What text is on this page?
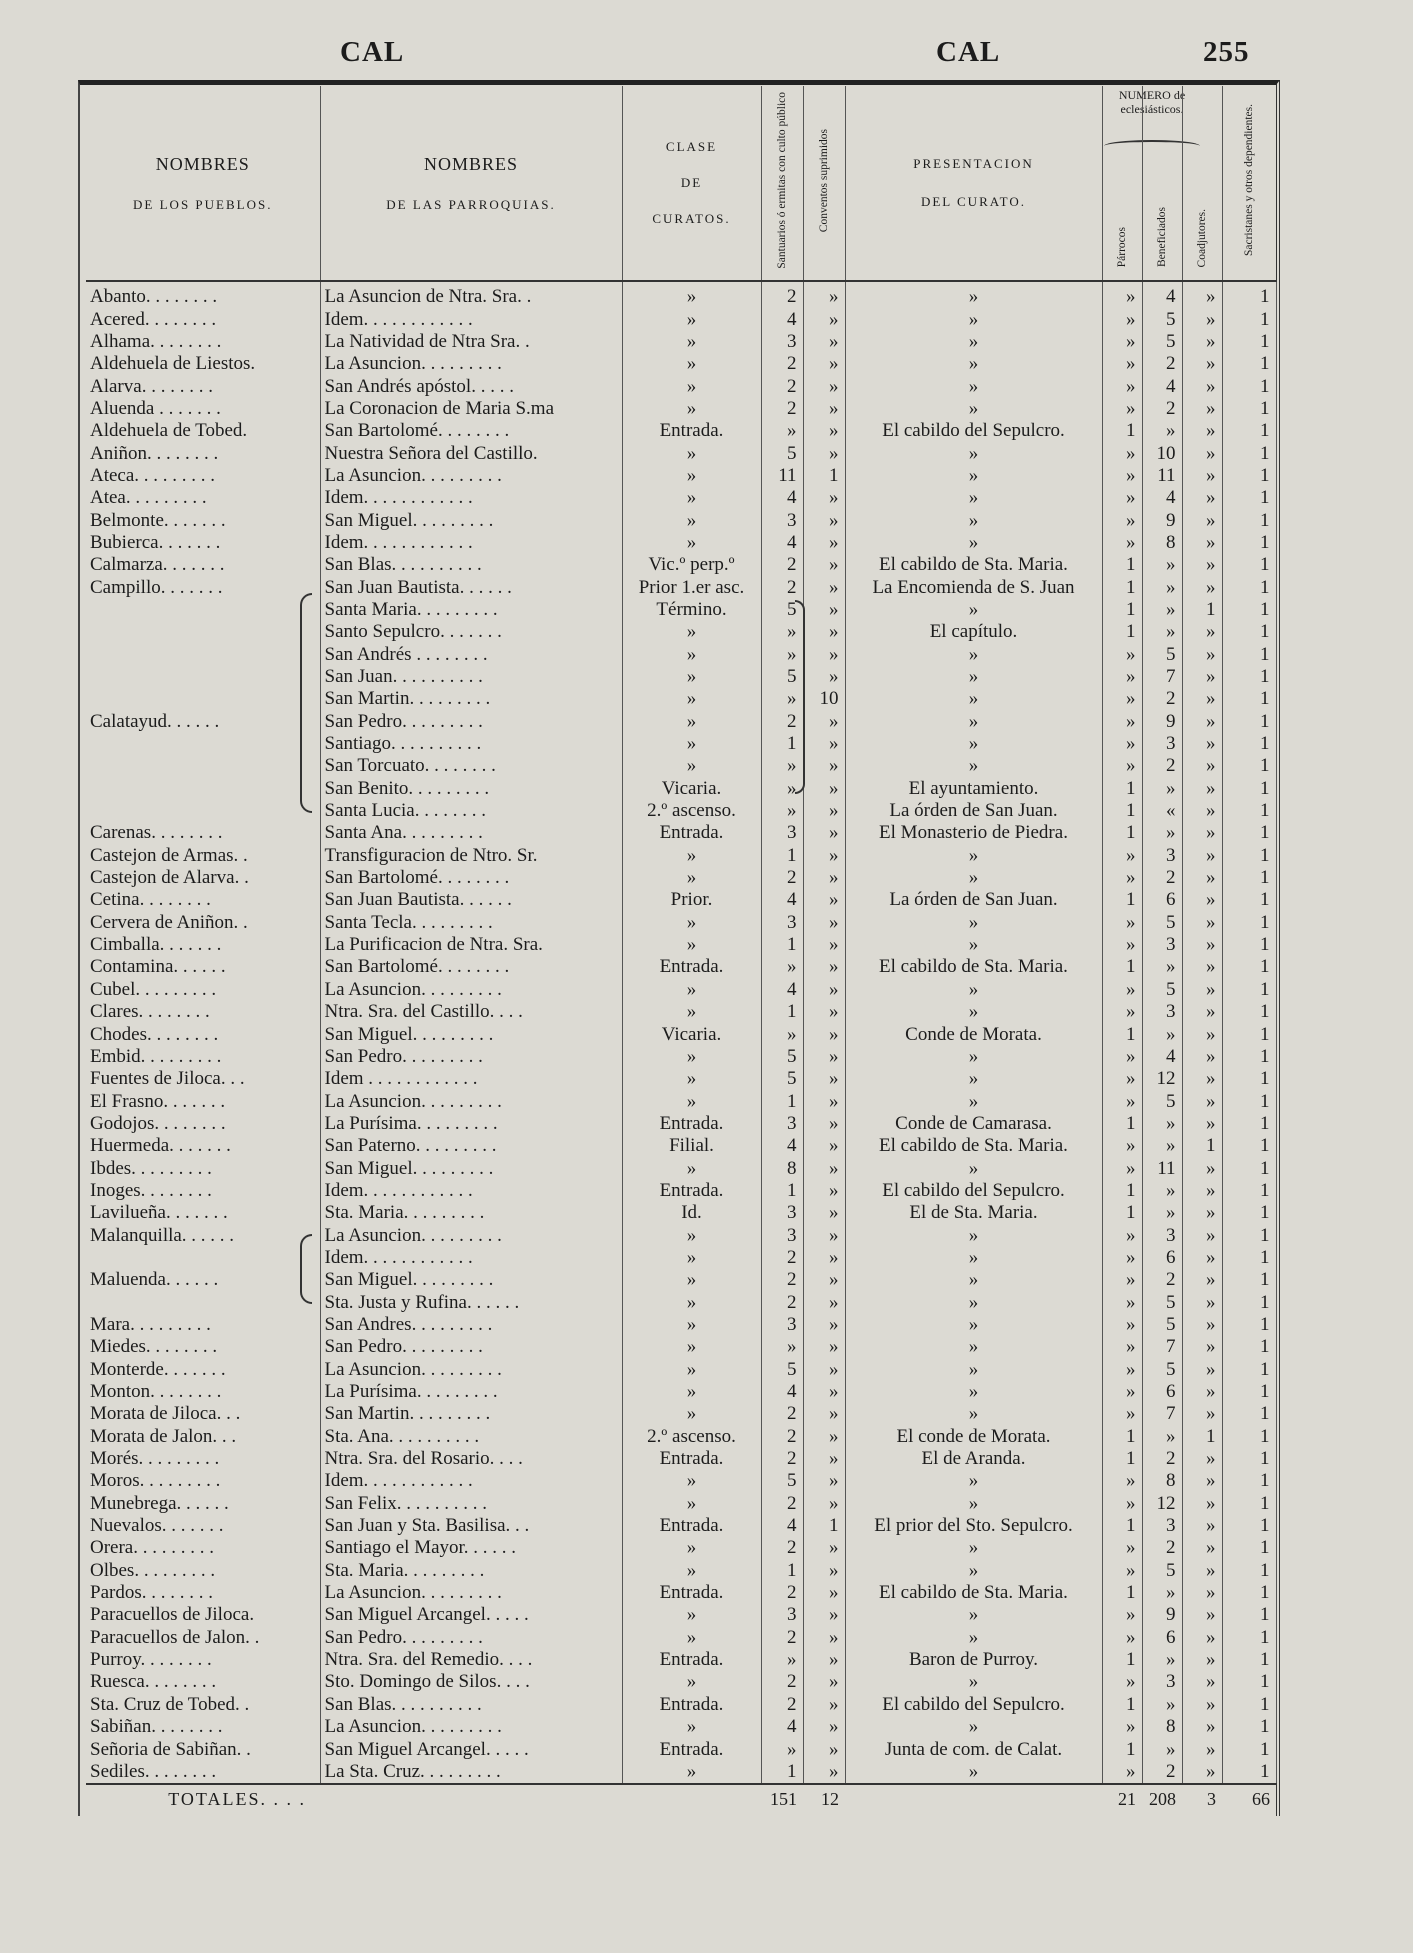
CAL	CAL	255
NUMERO de eclesiásticos.
NOMBRES
DE LOS PUEBLOS.	NOMBRES
DE LAS PARROQUIAS.	CLASE
DE
CURATOS.	Santuarios ó ermitas con culto público	Conventos suprimidos	PRESENTACION
DEL CURATO.	Párrocos	Beneficiados	Coadjutores.	Sacristanes y otros dependientes.
Abanto. . . . . . . .	La Asuncion de Ntra. Sra. .	»	2	»	»	»	4	»	1
Acered. . . . . . . .	Idem. . . . . . . . . . . .	»	4	»	»	»	5	»	1
Alhama. . . . . . . .	La Natividad de Ntra Sra. .	»	3	»	»	»	5	»	1
Aldehuela de Liestos.	La Asuncion. . . . . . . . .	»	2	»	»	»	2	»	1
Alarva. . . . . . . .	San Andrés apóstol. . . . .	»	2	»	»	»	4	»	1
Aluenda . . . . . . .	La Coronacion de Maria S.ma	»	2	»	»	»	2	»	1
Aldehuela de Tobed.	San Bartolomé. . . . . . . .	Entrada.	»	»	El cabildo del Sepulcro.	1	»	»	1
Aniñon. . . . . . . .	Nuestra Señora del Castillo.	»	5	»	»	»	10	»	1
Ateca. . . . . . . . .	La Asuncion. . . . . . . . .	»	11	1	»	»	11	»	1
Atea. . . . . . . . .	Idem. . . . . . . . . . . .	»	4	»	»	»	4	»	1
Belmonte. . . . . . .	San Miguel. . . . . . . . .	»	3	»	»	»	9	»	1
Bubierca. . . . . . .	Idem. . . . . . . . . . . .	»	4	»	»	»	8	»	1
Calmarza. . . . . . .	San Blas. . . . . . . . . .	Vic.º perp.º	2	»	El cabildo de Sta. Maria.	1	»	»	1
Campillo. . . . . . .	San Juan Bautista. . . . . .	Prior 1.er asc.	2	»	La Encomienda de S. Juan	1	»	»	1
	Santa Maria. . . . . . . . .	Término.	5	»	»	1	»	1	1
	Santo Sepulcro. . . . . . .	»	»	»	El capítulo.	1	»	»	1
	San Andrés . . . . . . . .	»	»	»	»	»	5	»	1
	San Juan. . . . . . . . . .	»	5	»	»	»	7	»	1
	San Martin. . . . . . . . .	»	»	10	»	»	2	»	1
Calatayud. . . . . .	San Pedro. . . . . . . . .	»	2	»	»	»	9	»	1
	Santiago. . . . . . . . . .	»	1	»	»	»	3	»	1
	San Torcuato. . . . . . . .	»	»	»	»	»	2	»	1
	San Benito. . . . . . . . .	Vicaria.	»	»	El ayuntamiento.	1	»	»	1
	Santa Lucia. . . . . . . .	2.º ascenso.	»	»	La órden de San Juan.	1	«	»	1
Carenas. . . . . . . .	Santa Ana. . . . . . . . .	Entrada.	3	»	El Monasterio de Piedra.	1	»	»	1
Castejon de Armas. .	Transfiguracion de Ntro. Sr.	»	1	»	»	»	3	»	1
Castejon de Alarva. .	San Bartolomé. . . . . . . .	»	2	»	»	»	2	»	1
Cetina. . . . . . . .	San Juan Bautista. . . . . .	Prior.	4	»	La órden de San Juan.	1	6	»	1
Cervera de Aniñon. .	Santa Tecla. . . . . . . . .	»	3	»	»	»	5	»	1
Cimballa. . . . . . .	La Purificacion de Ntra. Sra.	»	1	»	»	»	3	»	1
Contamina. . . . . .	San Bartolomé. . . . . . . .	Entrada.	»	»	El cabildo de Sta. Maria.	1	»	»	1
Cubel. . . . . . . . .	La Asuncion. . . . . . . . .	»	4	»	»	»	5	»	1
Clares. . . . . . . .	Ntra. Sra. del Castillo. . . .	»	1	»	»	»	3	»	1
Chodes. . . . . . . .	San Miguel. . . . . . . . .	Vicaria.	»	»	Conde de Morata.	1	»	»	1
Embid. . . . . . . . .	San Pedro. . . . . . . . .	»	5	»	»	»	4	»	1
Fuentes de Jiloca. . .	Idem . . . . . . . . . . . .	»	5	»	»	»	12	»	1
El Frasno. . . . . . .	La Asuncion. . . . . . . . .	»	1	»	»	»	5	»	1
Godojos. . . . . . . .	La Purísima. . . . . . . . .	Entrada.	3	»	Conde de Camarasa.	1	»	»	1
Huermeda. . . . . . .	San Paterno. . . . . . . . .	Filial.	4	»	El cabildo de Sta. Maria.	»	»	1	1
Ibdes. . . . . . . . .	San Miguel. . . . . . . . .	»	8	»	»	»	11	»	1
Inoges. . . . . . . .	Idem. . . . . . . . . . . .	Entrada.	1	»	El cabildo del Sepulcro.	1	»	»	1
Lavilueña. . . . . . .	Sta. Maria. . . . . . . . .	Id.	3	»	El de Sta. Maria.	1	»	»	1
Malanquilla. . . . . .	La Asuncion. . . . . . . . .	»	3	»	»	»	3	»	1
	Idem. . . . . . . . . . . .	»	2	»	»	»	6	»	1
Maluenda. . . . . .	San Miguel. . . . . . . . .	»	2	»	»	»	2	»	1
	Sta. Justa y Rufina. . . . . .	»	2	»	»	»	5	»	1
Mara. . . . . . . . .	San Andres. . . . . . . . .	»	3	»	»	»	5	»	1
Miedes. . . . . . . .	San Pedro. . . . . . . . .	»	»	»	»	»	7	»	1
Monterde. . . . . . .	La Asuncion. . . . . . . . .	»	5	»	»	»	5	»	1
Monton. . . . . . . .	La Purísima. . . . . . . . .	»	4	»	»	»	6	»	1
Morata de Jiloca. . .	San Martin. . . . . . . . .	»	2	»	»	»	7	»	1
Morata de Jalon. . .	Sta. Ana. . . . . . . . . .	2.º ascenso.	2	»	El conde de Morata.	1	»	1	1
Morés. . . . . . . . .	Ntra. Sra. del Rosario. . . .	Entrada.	2	»	El de Aranda.	1	2	»	1
Moros. . . . . . . . .	Idem. . . . . . . . . . . .	»	5	»	»	»	8	»	1
Munebrega. . . . . .	San Felix. . . . . . . . . .	»	2	»	»	»	12	»	1
Nuevalos. . . . . . .	San Juan y Sta. Basilisa. . .	Entrada.	4	1	El prior del Sto. Sepulcro.	1	3	»	1
Orera. . . . . . . . .	Santiago el Mayor. . . . . .	»	2	»	»	»	2	»	1
Olbes. . . . . . . . .	Sta. Maria. . . . . . . . .	»	1	»	»	»	5	»	1
Pardos. . . . . . . .	La Asuncion. . . . . . . . .	Entrada.	2	»	El cabildo de Sta. Maria.	1	»	»	1
Paracuellos de Jiloca.	San Miguel Arcangel. . . . .	»	3	»	»	»	9	»	1
Paracuellos de Jalon. .	San Pedro. . . . . . . . .	»	2	»	»	»	6	»	1
Purroy. . . . . . . .	Ntra. Sra. del Remedio. . . .	Entrada.	»	»	Baron de Purroy.	1	»	»	1
Ruesca. . . . . . . .	Sto. Domingo de Silos. . . .	»	2	»	»	»	3	»	1
Sta. Cruz de Tobed. .	San Blas. . . . . . . . . .	Entrada.	2	»	El cabildo del Sepulcro.	1	»	»	1
Sabiñan. . . . . . . .	La Asuncion. . . . . . . . .	»	4	»	»	»	8	»	1
Señoria de Sabiñan. .	San Miguel Arcangel. . . . .	Entrada.	»	»	Junta de com. de Calat.	1	»	»	1
Sediles. . . . . . . .	La Sta. Cruz. . . . . . . . .	»	1	»	»	»	2	»	1
TOTALES. . . .			151	12		21	208	3	66
